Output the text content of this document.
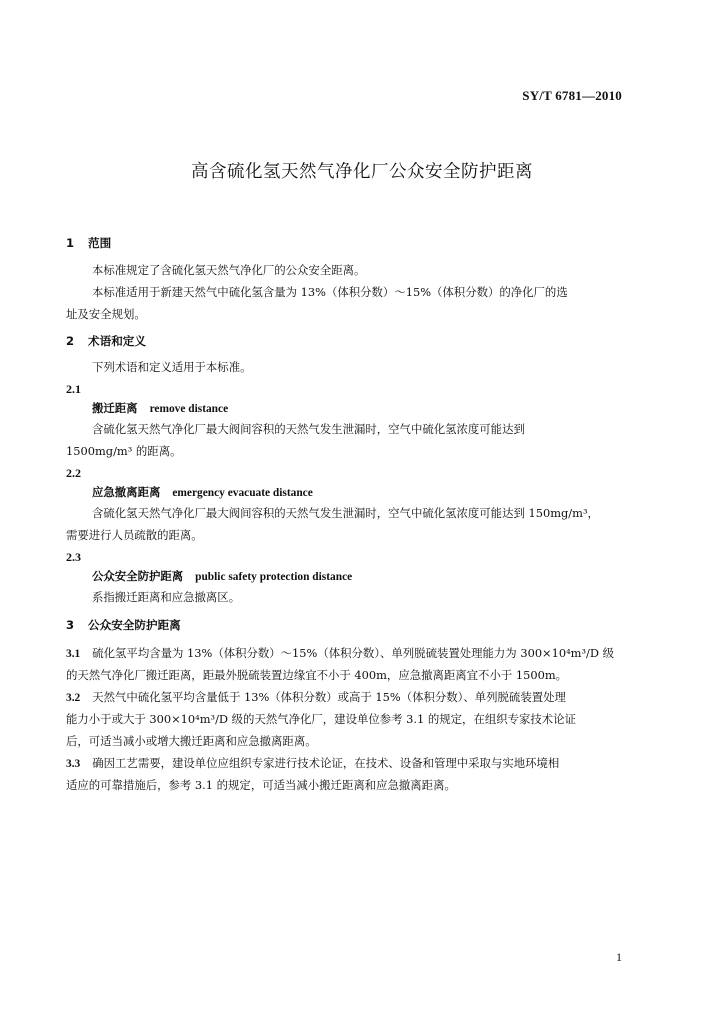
SY/T 6781—2010
高含硫化氢天然气净化厂公众安全防护距离
1 范围
本标准规定了含硫化氢天然气净化厂的公众安全距离。
本标准适用于新建天然气中硫化氢含量为 13%（体积分数）～15%（体积分数）的净化厂的选
址及安全规划。
2 术语和定义
下列术语和定义适用于本标准。
2.1
搬迁距离 remove distance
含硫化氢天然气净化厂最大阀间容积的天然气发生泄漏时，空气中硫化氢浓度可能达到
1500mg/m³ 的距离。
2.2
应急撤离距离 emergency evacuate distance
含硫化氢天然气净化厂最大阀间容积的天然气发生泄漏时，空气中硫化氢浓度可能达到 150mg/m³，
需要进行人员疏散的距离。
2.3
公众安全防护距离 public safety protection distance
系指搬迁距离和应急撤离区。
3 公众安全防护距离
3.1 硫化氢平均含量为 13%（体积分数）～15%（体积分数）、单列脱硫装置处理能力为 300×10⁴m³/D 级
的天然气净化厂搬迁距离，距最外脱硫装置边缘宜不小于 400m，应急撤离距离宜不小于 1500m。
3.2 天然气中硫化氢平均含量低于 13%（体积分数）或高于 15%（体积分数）、单列脱硫装置处理
能力小于或大于 300×10⁴m³/D 级的天然气净化厂，建设单位参考 3.1 的规定，在组织专家技术论证
后，可适当减小或增大搬迁距离和应急撤离距离。
3.3 确因工艺需要，建设单位应组织专家进行技术论证，在技术、设备和管理中采取与实地环境相
适应的可靠措施后，参考 3.1 的规定，可适当减小搬迁距离和应急撤离距离。
1
